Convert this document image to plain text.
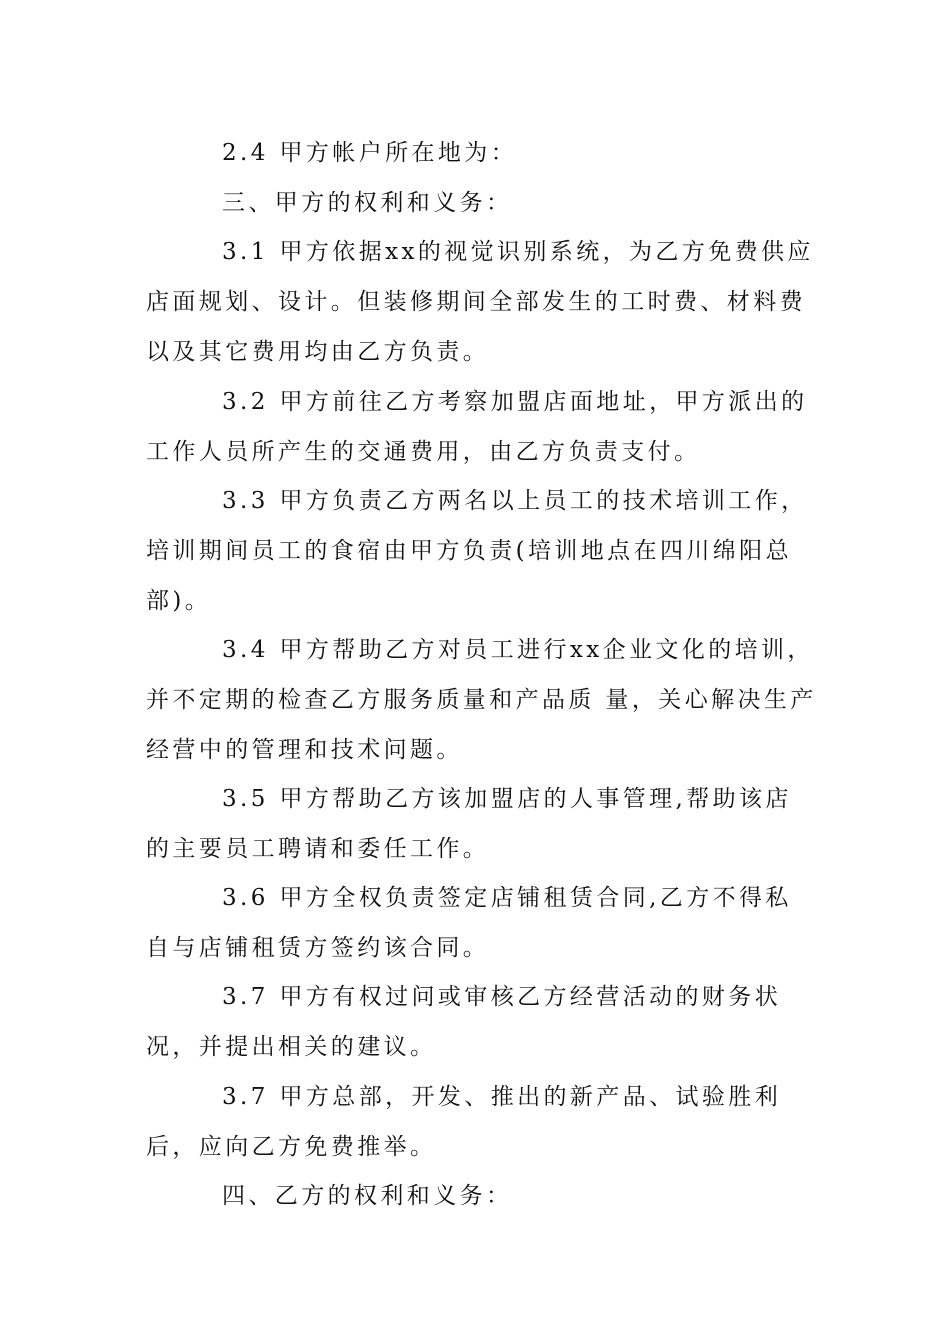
2.4 甲方帐户所在地为：

三、甲方的权利和义务：

3.1 甲方依据xx的视觉识别系统，为乙方免费供应店面规划、设计。但装修期间全部发生的工时费、材料费以及其它费用均由乙方负责。

3.2 甲方前往乙方考察加盟店面地址，甲方派出的工作人员所产生的交通费用，由乙方负责支付。

3.3 甲方负责乙方两名以上员工的技术培训工作，培训期间员工的食宿由甲方负责(培训地点在四川绵阳总部)。

3.4 甲方帮助乙方对员工进行xx企业文化的培训，并不定期的检查乙方服务质量和产品质 量，关心解决生产经营中的管理和技术问题。

3.5 甲方帮助乙方该加盟店的人事管理,帮助该店的主要员工聘请和委任工作。

3.6 甲方全权负责签定店铺租赁合同,乙方不得私自与店铺租赁方签约该合同。

3.7 甲方有权过问或审核乙方经营活动的财务状况，并提出相关的建议。

3.7 甲方总部，开发、推出的新产品、试验胜利后，应向乙方免费推举。

四、乙方的权利和义务：
